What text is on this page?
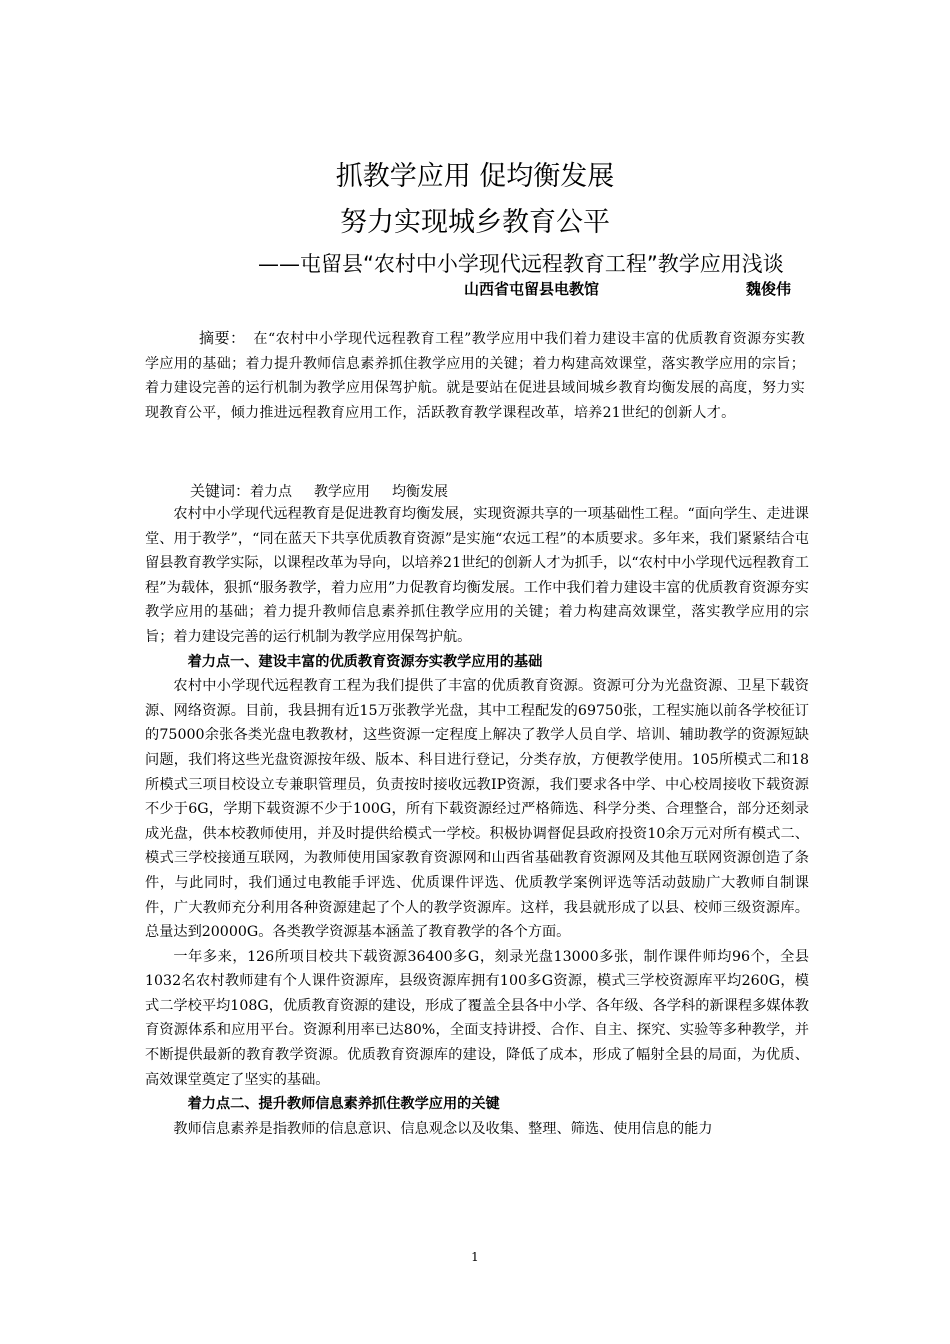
抓教学应用 促均衡发展
努力实现城乡教育公平
——屯留县“农村中小学现代远程教育工程”教学应用浅谈
山西省屯留县电教馆	魏俊伟
摘要： 在“农村中小学现代远程教育工程”教学应用中我们着力建设丰富的优质教育资源夯实教学应用的基础；着力提升教师信息素养抓住教学应用的关键；着力构建高效课堂，落实教学应用的宗旨；着力建设完善的运行机制为教学应用保驾护航。就是要站在促进县域间城乡教育均衡发展的高度，努力实现教育公平，倾力推进远程教育应用工作，活跃教育教学课程改革，培养21世纪的创新人才。
关键词：着力点 教学应用 均衡发展

农村中小学现代远程教育是促进教育均衡发展，实现资源共享的一项基础性工程。“面向学生、走进课堂、用于教学”，“同在蓝天下共享优质教育资源”是实施“农远工程”的本质要求。多年来，我们紧紧结合屯留县教育教学实际，以课程改革为导向，以培养21世纪的创新人才为抓手，以“农村中小学现代远程教育工程”为载体，狠抓“服务教学，着力应用”力促教育均衡发展。工作中我们着力建设丰富的优质教育资源夯实教学应用的基础；着力提升教师信息素养抓住教学应用的关键；着力构建高效课堂，落实教学应用的宗旨；着力建设完善的运行机制为教学应用保驾护航。

着力点一、建设丰富的优质教育资源夯实教学应用的基础

农村中小学现代远程教育工程为我们提供了丰富的优质教育资源。资源可分为光盘资源、卫星下载资源、网络资源。目前，我县拥有近15万张教学光盘，其中工程配发的69750张，工程实施以前各学校征订的75000余张各类光盘电教教材，这些资源一定程度上解决了教学人员自学、培训、辅助教学的资源短缺问题，我们将这些光盘资源按年级、版本、科目进行登记，分类存放，方便教学使用。105所模式二和18所模式三项目校设立专兼职管理员，负责按时接收远教IP资源，我们要求各中学、中心校周接收下载资源不少于6G，学期下载资源不少于100G，所有下载资源经过严格筛选、科学分类、合理整合，部分还刻录成光盘，供本校教师使用，并及时提供给模式一学校。积极协调督促县政府投资10余万元对所有模式二、模式三学校接通互联网，为教师使用国家教育资源网和山西省基础教育资源网及其他互联网资源创造了条件，与此同时，我们通过电教能手评选、优质课件评选、优质教学案例评选等活动鼓励广大教师自制课件，广大教师充分利用各种资源建起了个人的教学资源库。这样，我县就形成了以县、校师三级资源库。总量达到20000G。各类教学资源基本涵盖了教育教学的各个方面。

一年多来，126所项目校共下载资源36400多G，刻录光盘13000多张，制作课件师均96个，全县1032名农村教师建有个人课件资源库，县级资源库拥有100多G资源，模式三学校资源库平均260G，模式二学校平均108G，优质教育资源的建设，形成了覆盖全县各中小学、各年级、各学科的新课程多媒体教育资源体系和应用平台。资源利用率已达80%，全面支持讲授、合作、自主、探究、实验等多种教学，并不断提供最新的教育教学资源。优质教育资源库的建设，降低了成本，形成了幅射全县的局面，为优质、高效课堂奠定了坚实的基础。

着力点二、提升教师信息素养抓住教学应用的关键

教师信息素养是指教师的信息意识、信息观念以及收集、整理、筛选、使用信息的能力

1
